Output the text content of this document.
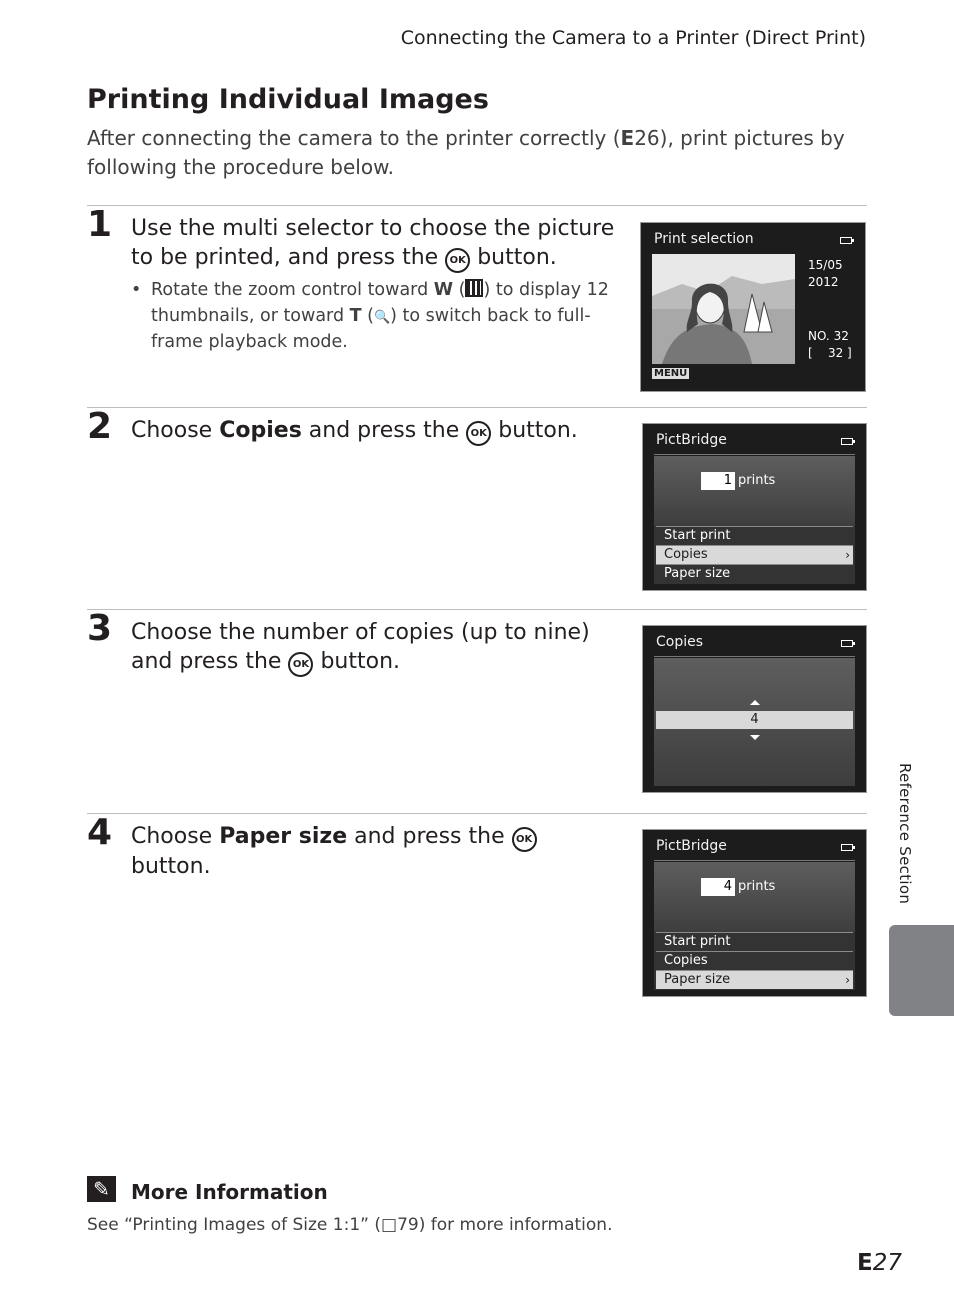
Connecting the Camera to a Printer (Direct Print)
Printing Individual Images
After connecting the camera to the printer correctly (E26), print pictures by following the procedure below.
1 Use the multi selector to choose the picture to be printed, and press the OK button.
• Rotate the zoom control toward W ( ) to display 12 thumbnails, or toward T (🔍) to switch back to full-frame playback mode.
Print selection
15/05
2012
NO. 32
[    32 ]
MENU
2 Choose Copies and press the OK button.	PictBridge
1 prints
Start print
Copies ›
Paper size
3 Choose the number of copies (up to nine) and press the OK button.
Copies
4
4 Choose Paper size and press the OK button.
PictBridge
4 prints
Start print
Copies
Paper size ›
Reference Section
✎	More Information
See “Printing Images of Size 1:1” (□79) for more information.
E27
